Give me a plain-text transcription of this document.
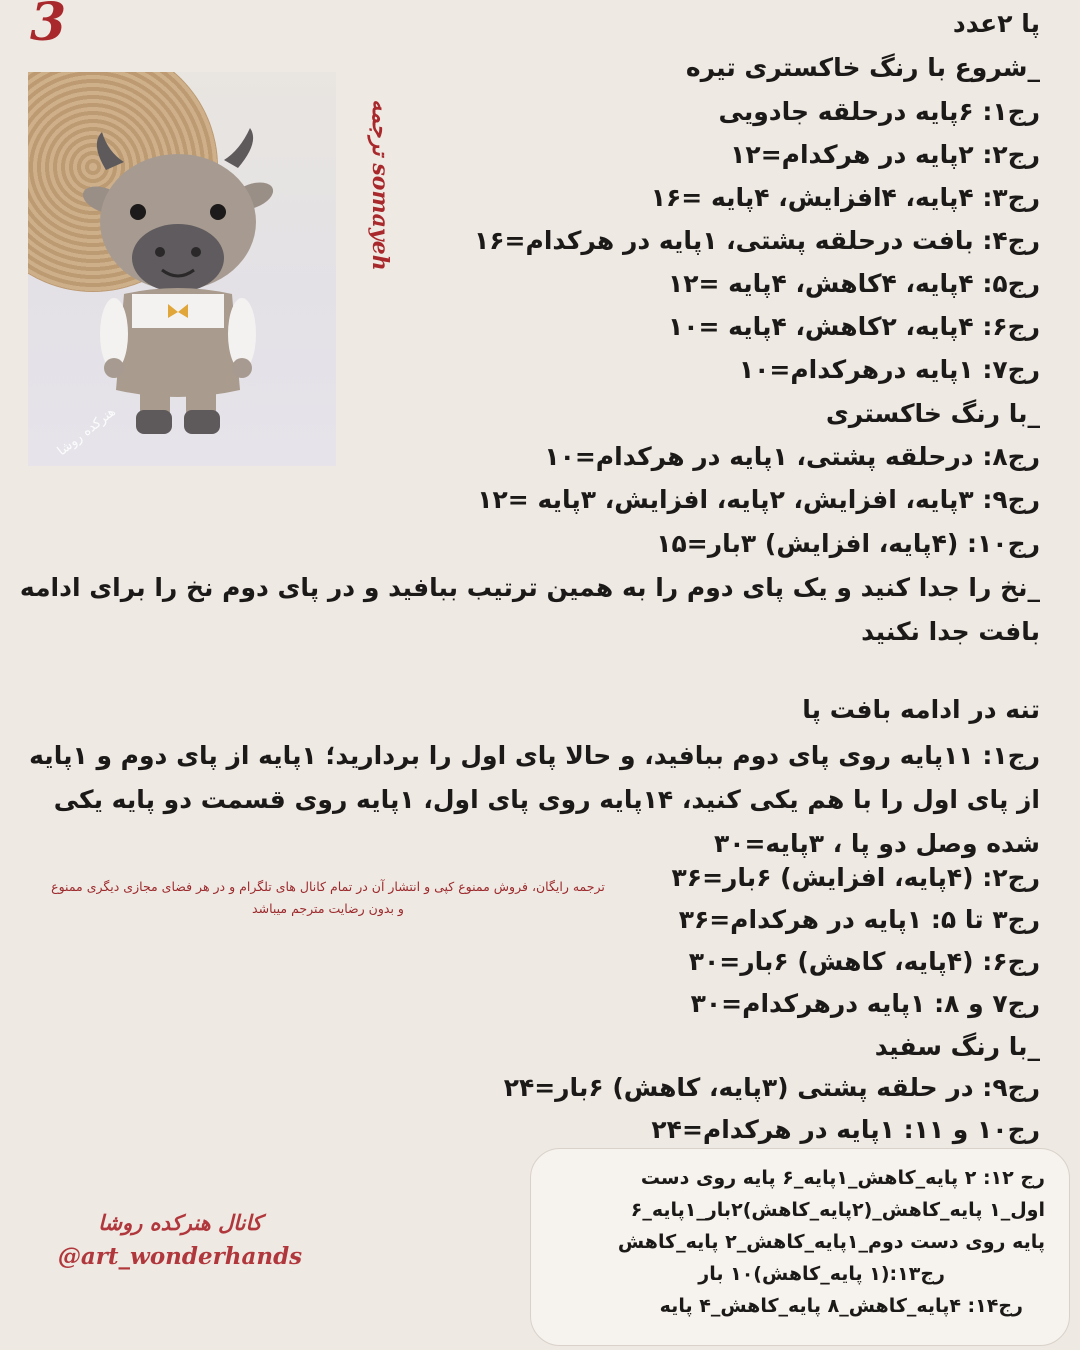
3
هنرکده روشا
somayeh ترجمه
پا ۲عدد
_شروع با رنگ خاکستری تیره
رج۱: ۶پایه درحلقه جادویی
رج۲: ۲پایه در هرکدام=۱۲
رج۳: ۴پایه، ۴افزایش، ۴پایه =۱۶
رج۴: بافت درحلقه پشتی، ۱پایه در هرکدام=۱۶
رج۵: ۴پایه، ۴کاهش، ۴پایه =۱۲
رج۶: ۴پایه، ۲کاهش، ۴پایه =۱۰
رج۷: ۱پایه درهرکدام=۱۰
_با رنگ خاکستری
رج۸: درحلقه پشتی، ۱پایه در هرکدام=۱۰
رج۹: ۳پایه، افزایش، ۲پایه، افزایش، ۳پایه =۱۲
رج۱۰: (۴پایه، افزایش) ۳بار=۱۵
_نخ را جدا کنید و یک پای دوم را به همین ترتیب ببافید و در پای دوم نخ را برای ادامه بافت جدا نکنید
تنه در ادامه بافت پا
رج۱: ۱۱پایه روی پای دوم ببافید، و حالا پای اول را بردارید؛ ۱پایه از پای دوم و ۱پایه از پای اول را با هم یکی کنید، ۱۴پایه روی پای اول، ۱پایه روی قسمت دو پایه یکی شده وصل دو پا ، ۳پایه=۳۰
رج۲: (۴پایه، افزایش) ۶بار=۳۶
رج۳ تا ۵: ۱پایه در هرکدام=۳۶
رج۶: (۴پایه، کاهش) ۶بار=۳۰
رج۷ و ۸: ۱پایه درهرکدام=۳۰
_با رنگ سفید
رج۹: در حلقه پشتی (۳پایه، کاهش) ۶بار=۲۴
رج۱۰ و ۱۱: ۱پایه در هرکدام=۲۴
ترجمه رایگان، فروش ممنوع کپی و انتشار آن در تمام کانال های تلگرام و در هر فضای مجازی دیگری ممنوع و بدون رضایت مترجم میباشد
کانال هنرکده روشا
@art_wonderhands
رج ۱۲: ۲ پایه_کاهش_۱پایه_۶ پایه روی دست
اول_۱ پایه_کاهش_(۲پایه_کاهش)۲بار_۱پایه_۶
پایه روی دست دوم_۱پایه_کاهش_۲ پایه_کاهش
رج۱۳:(۱ پایه_کاهش)۱۰ بار
رج۱۴: ۴پایه_کاهش_۸ پایه_کاهش_۴ پایه
